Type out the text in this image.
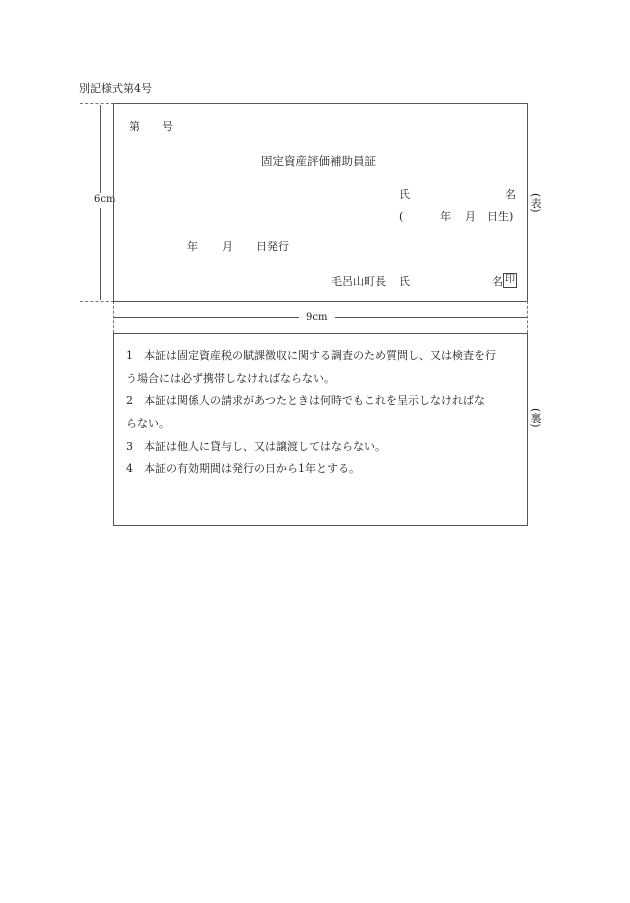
別記様式第4号
6cm
第　　号
固定資産評価補助員証
氏	名
(	年 月 日生)
年 月 日発行
毛呂山町長 氏	名 印
(表)
9cm
1　本証は固定資産税の賦課徴収に関する調査のため質問し、又は検査を行
う場合には必ず携帯しなければならない。
2　本証は関係人の請求があつたときは何時でもこれを呈示しなければな
らない。
3　本証は他人に貸与し、又は譲渡してはならない。
4　本証の有効期間は発行の日から1年とする。
(裏)
